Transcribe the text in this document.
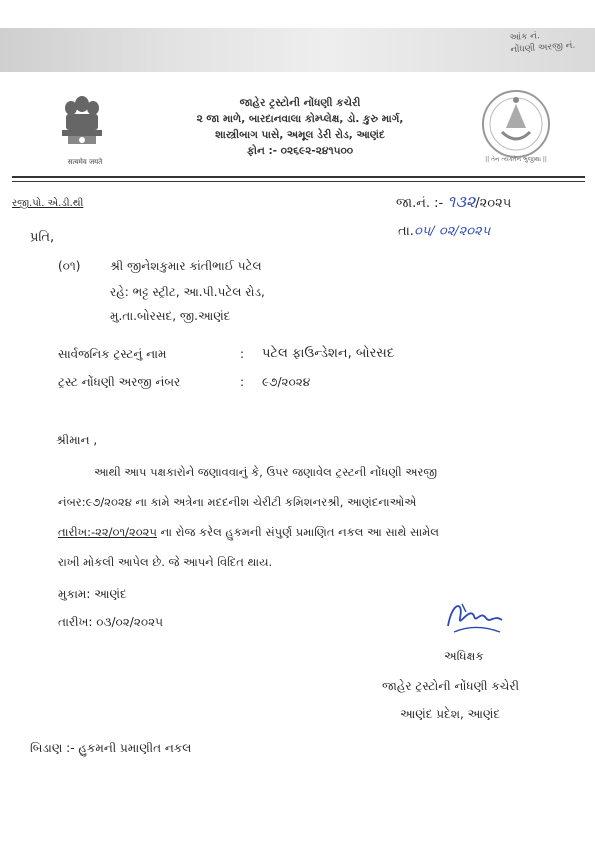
આંક નં.
નોંધણી અરજી નં.
सत्यमेव जयते
જાહેર ટ્રસ્ટોની નોંધણી કચેરી
૨ જા માળે, બારદાનવાલા કોમ્પ્લેક્ષ, ડો. કુરુ માર્ગ,
શાસ્ત્રીબાગ પાસે, અમૂલ ડેરી રોડ, આણંદ
ફોન :- ૦૨૬૯૨-૨૪૧૫૦૦
|| તેન ત્યક્તેન ભુંજીથા ||
રજી.પો. એ.ડી.થી	જા.નં. :- ૧૩૨/૨૦૨૫
તા.૦૫/ ૦૨/૨૦૨૫
પ્રતિ,
(૦૧) શ્રી જીનેશકુમાર કાંતીભાઈ પટેલ
રહે: ભટ્ટ સ્ટ્રીટ, આ.પી.પટેલ રોડ,
મુ.તા.બોરસદ, જી.આણંદ
સાર્વજનિક ટ્રસ્ટનું નામ	: પટેલ ફાઉન્ડેશન, બોરસદ
ટ્રસ્ટ નોંધણી અરજી નંબર	: ૯૭/૨૦૨૪
શ્રીમાન ,
આથી આપ પક્ષકારોને જણાવવાનું કે, ઉપર જણાવેલ ટ્રસ્ટની નોંધણી અરજી
નંબર:૯૭/૨૦૨૪ ના કામે અત્રેના મદદનીશ ચેરીટી કમિશનરશ્રી, આણંદનાઓએ
તારીખ:-૨૨/૦૧/૨૦૨૫ ના રોજ કરેલ હુકમની સંપુર્ણ પ્રમાણિત નકલ આ સાથે સામેલ
રાખી મોકલી આપેલ છે. જે આપને વિદિત થાય.
મુકામ: આણંદ
તારીખ: ૦૩/૦૨/૨૦૨૫
અધિક્ષક
જાહેર ટ્રસ્ટોની નોંધણી કચેરી
આણંદ પ્રદેશ, આણંદ
બિડાણ :- હુકમની પ્રમાણીત નકલ
